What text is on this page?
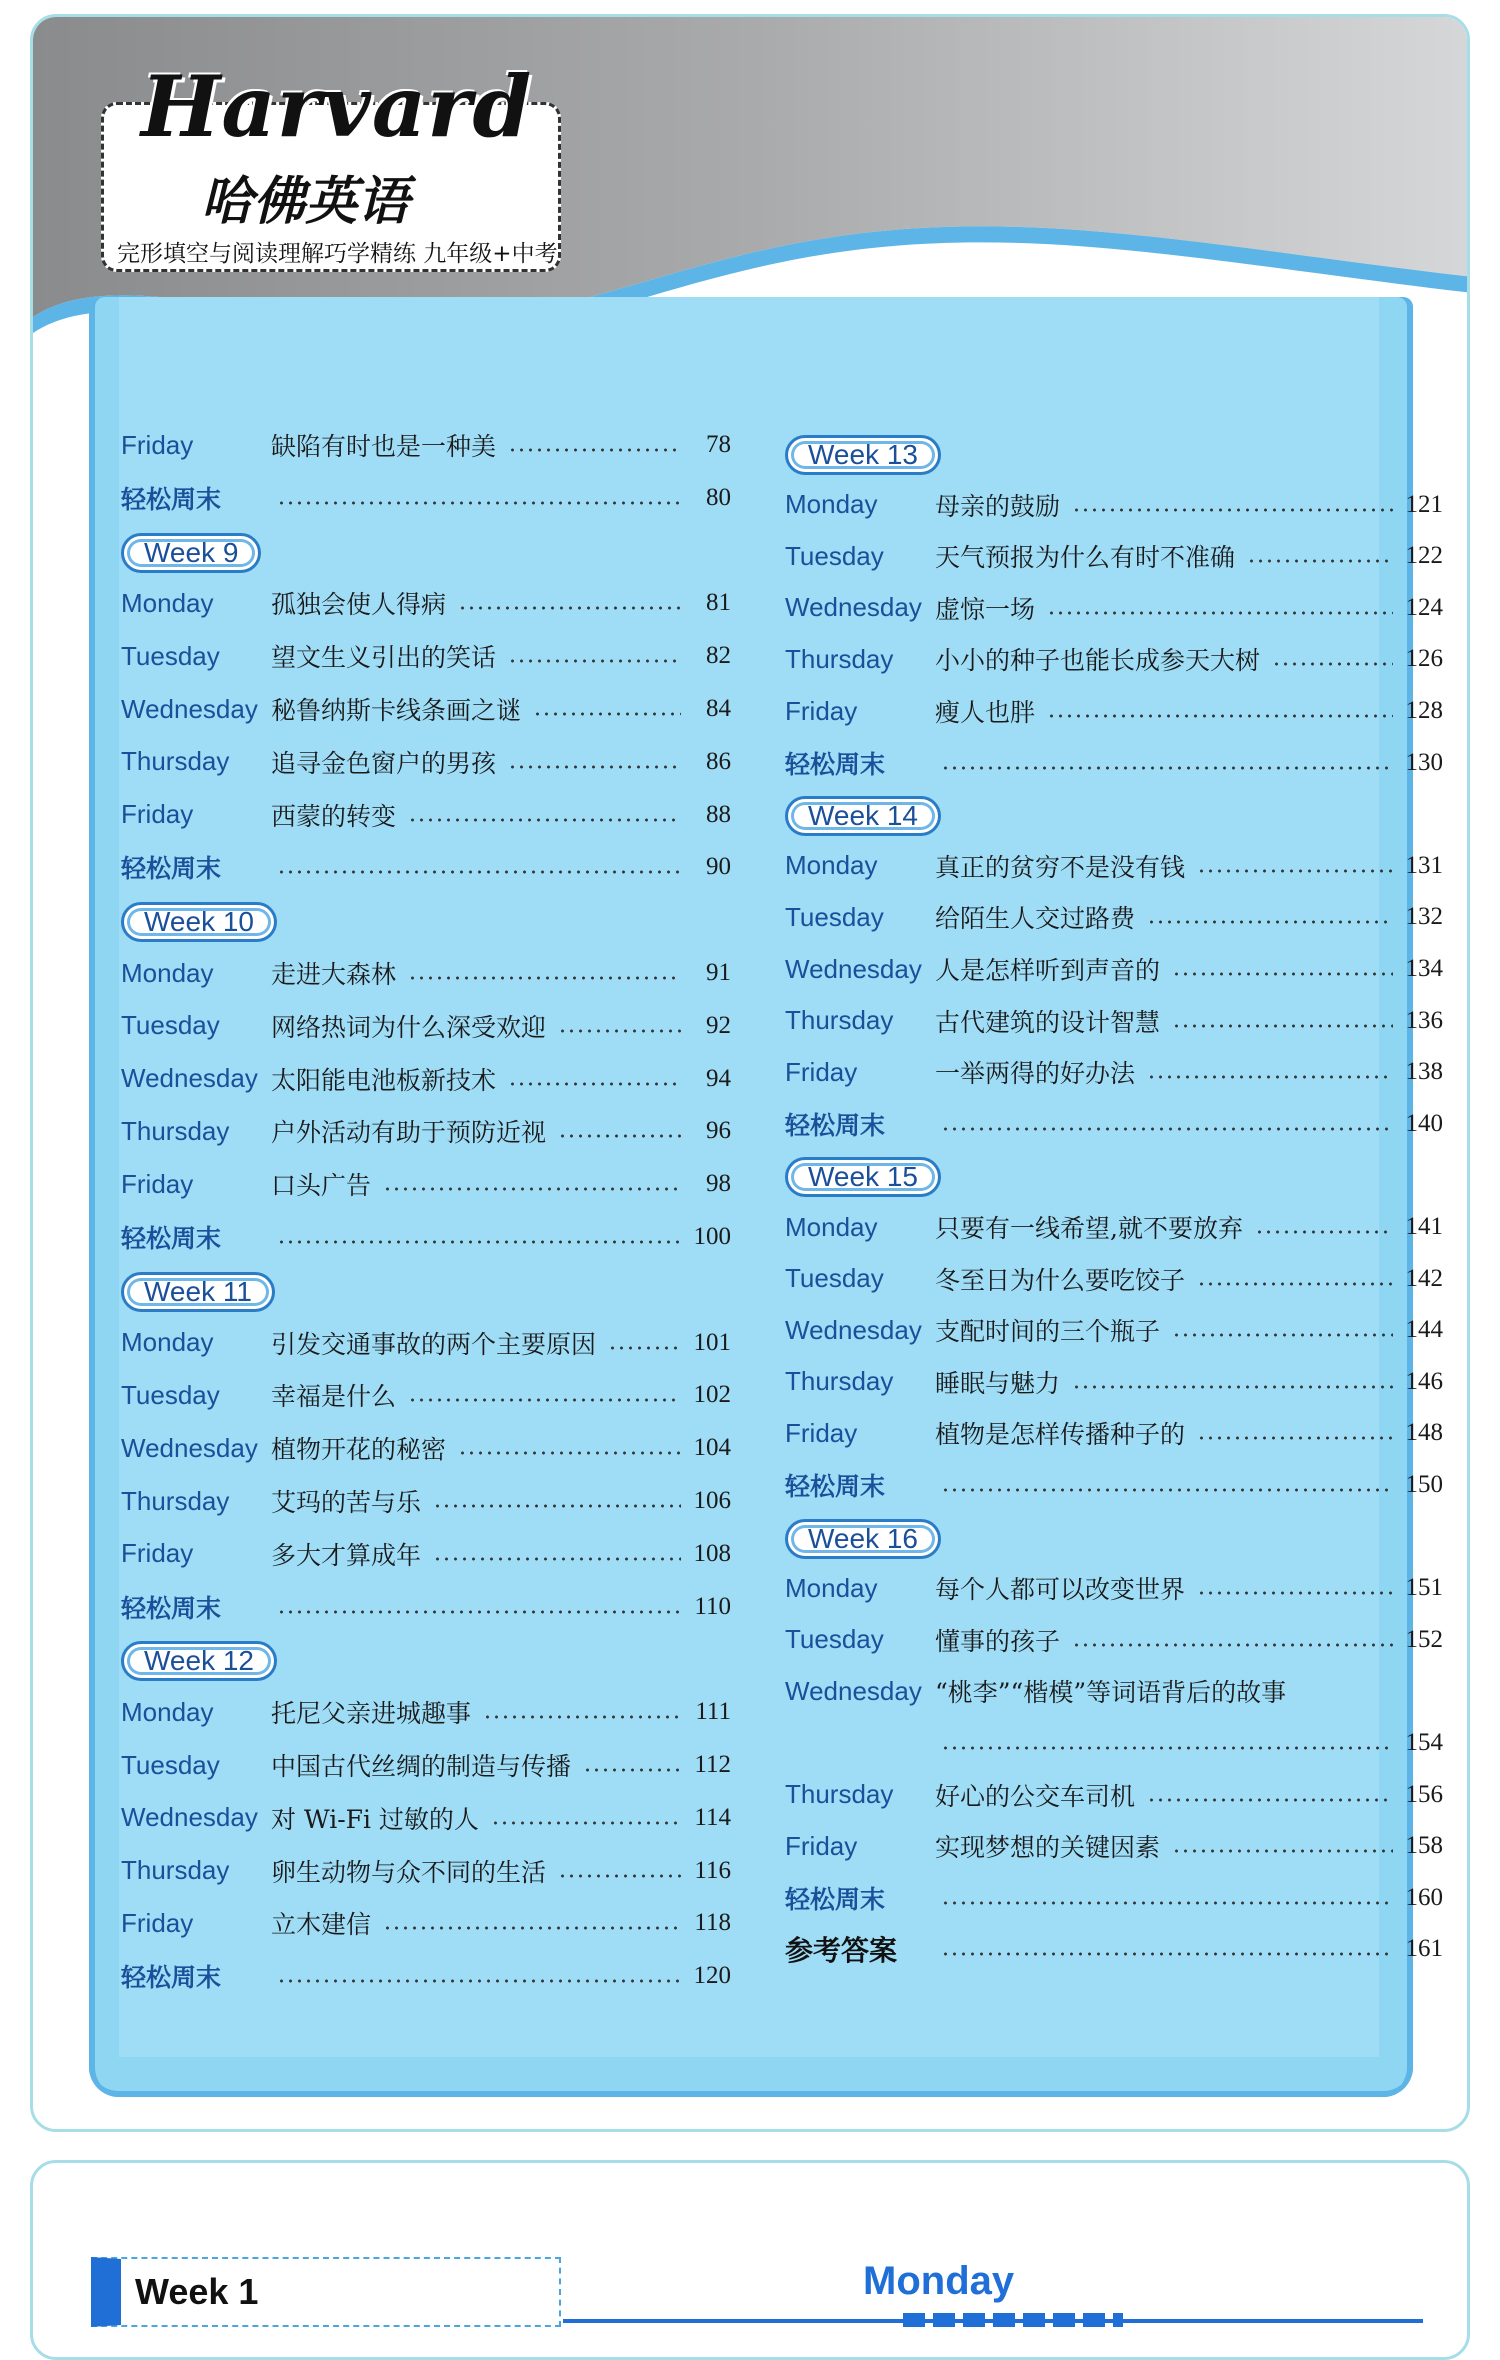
Harvard
哈佛英语
完形填空与阅读理解巧学精练 九年级+中考
Friday	缺陷有时也是一种美	78
轻松周末	80
Week 9
Monday	孤独会使人得病	81
Tuesday	望文生义引出的笑话	82
Wednesday 秘鲁纳斯卡线条画之谜	84
Thursday	追寻金色窗户的男孩	86
Friday	西蒙的转变	88
轻松周末	90
Week 10
Monday	走进大森林	91
Tuesday	网络热词为什么深受欢迎	92
Wednesday 太阳能电池板新技术	94
Thursday	户外活动有助于预防近视	96
Friday	口头广告	98
轻松周末	100
Week 11
Monday	引发交通事故的两个主要原因	101
Tuesday	幸福是什么	102
Wednesday 植物开花的秘密	104
Thursday	艾玛的苦与乐	106
Friday	多大才算成年	108
轻松周末	110
Week 12
Monday	托尼父亲进城趣事	111
Tuesday	中国古代丝绸的制造与传播	112
Wednesday 对 Wi-Fi 过敏的人	114
Thursday	卵生动物与众不同的生活	116
Friday	立木建信	118
轻松周末	120
Week 13
Monday	母亲的鼓励	121
Tuesday	天气预报为什么有时不准确	122
Wednesday 虚惊一场	124
Thursday	小小的种子也能长成参天大树	126
Friday	瘦人也胖	128
轻松周末	130
Week 14
Monday	真正的贫穷不是没有钱	131
Tuesday	给陌生人交过路费	132
Wednesday 人是怎样听到声音的	134
Thursday	古代建筑的设计智慧	136
Friday	一举两得的好办法	138
轻松周末	140
Week 15
Monday	只要有一线希望,就不要放弃	141
Tuesday	冬至日为什么要吃饺子	142
Wednesday 支配时间的三个瓶子	144
Thursday	睡眠与魅力	146
Friday	植物是怎样传播种子的	148
轻松周末	150
Week 16
Monday	每个人都可以改变世界	151
Tuesday	懂事的孩子	152
Wednesday “桃李”“楷模”等词语背后的故事
154
Thursday	好心的公交车司机	156
Friday	实现梦想的关键因素	158
轻松周末	160
参考答案	161
Week 1	Monday
